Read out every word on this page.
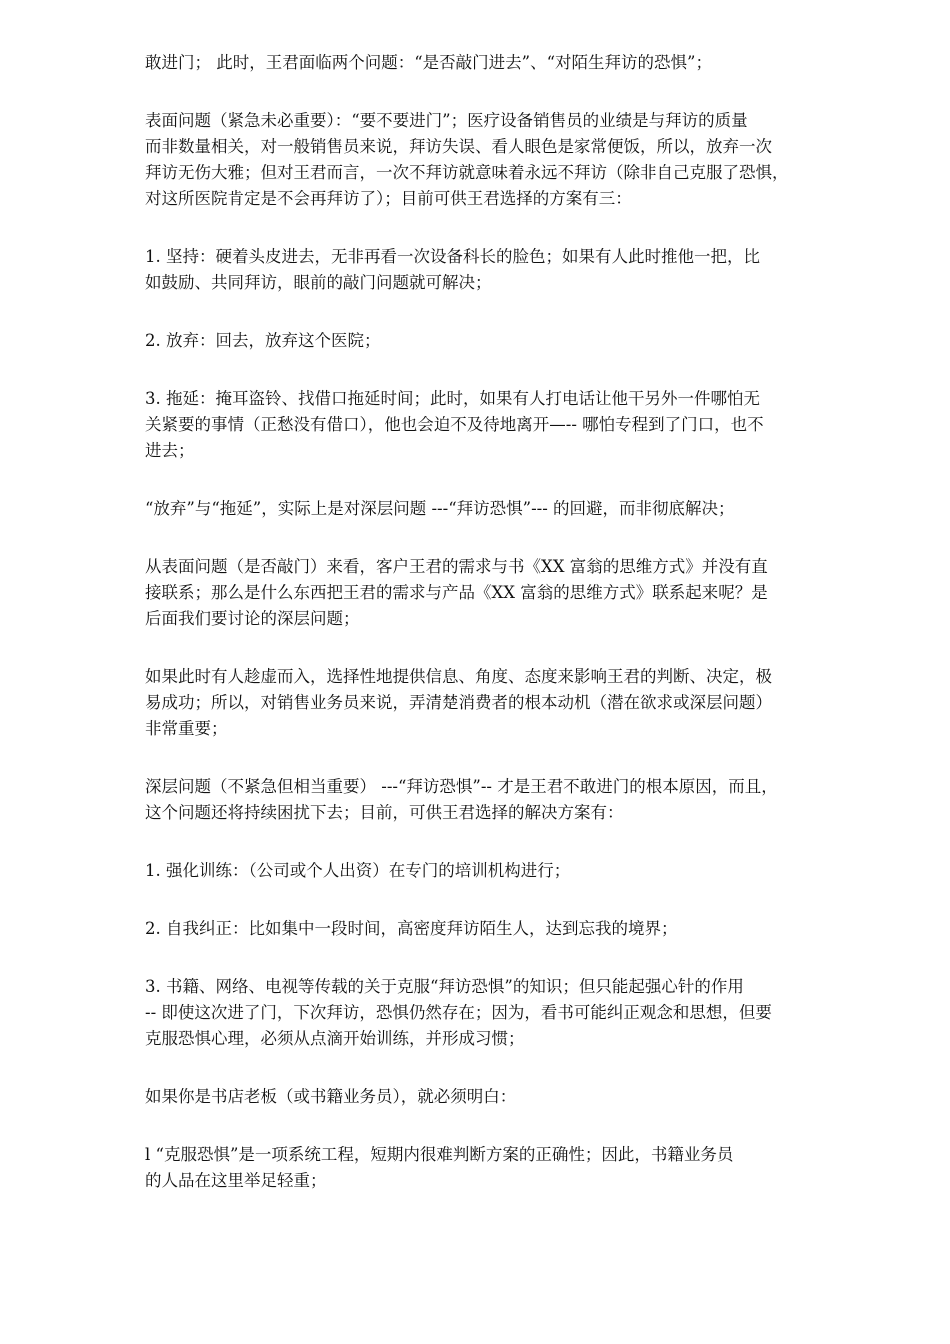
敢进门； 此时，王君面临两个问题：“是否敲门进去”、“对陌生拜访的恐惧”；
表面问题（紧急未必重要）：“要不要进门”；医疗设备销售员的业绩是与拜访的质量
而非数量相关，对一般销售员来说，拜访失误、看人眼色是家常便饭，所以，放弃一次
拜访无伤大雅；但对王君而言，一次不拜访就意味着永远不拜访（除非自己克服了恐惧，
对这所医院肯定是不会再拜访了）；目前可供王君选择的方案有三：
1. 坚持：硬着头皮进去，无非再看一次设备科长的脸色；如果有人此时推他一把，比
如鼓励、共同拜访，眼前的敲门问题就可解决；
2. 放弃：回去，放弃这个医院；
3. 拖延：掩耳盗铃、找借口拖延时间；此时，如果有人打电话让他干另外一件哪怕无
关紧要的事情（正愁没有借口），他也会迫不及待地离开—-- 哪怕专程到了门口，也不
进去；
“放弃”与“拖延”，实际上是对深层问题 ---“拜访恐惧”--- 的回避，而非彻底解决；
从表面问题（是否敲门）来看，客户王君的需求与书《XX 富翁的思维方式》并没有直
接联系；那么是什么东西把王君的需求与产品《XX 富翁的思维方式》联系起来呢？是
后面我们要讨论的深层问题；
如果此时有人趁虚而入，选择性地提供信息、角度、态度来影响王君的判断、决定，极
易成功；所以，对销售业务员来说，弄清楚消费者的根本动机（潜在欲求或深层问题）
非常重要；
深层问题（不紧急但相当重要） ---“拜访恐惧”-- 才是王君不敢进门的根本原因，而且，
这个问题还将持续困扰下去；目前，可供王君选择的解决方案有：
1. 强化训练：（公司或个人出资）在专门的培训机构进行；
2. 自我纠正：比如集中一段时间，高密度拜访陌生人，达到忘我的境界；
3. 书籍、网络、电视等传载的关于克服“拜访恐惧”的知识；但只能起强心针的作用
-- 即使这次进了门，下次拜访，恐惧仍然存在；因为，看书可能纠正观念和思想，但要
克服恐惧心理，必须从点滴开始训练，并形成习惯；
如果你是书店老板（或书籍业务员），就必须明白：
l “克服恐惧”是一项系统工程，短期内很难判断方案的正确性；因此，书籍业务员
的人品在这里举足轻重；
